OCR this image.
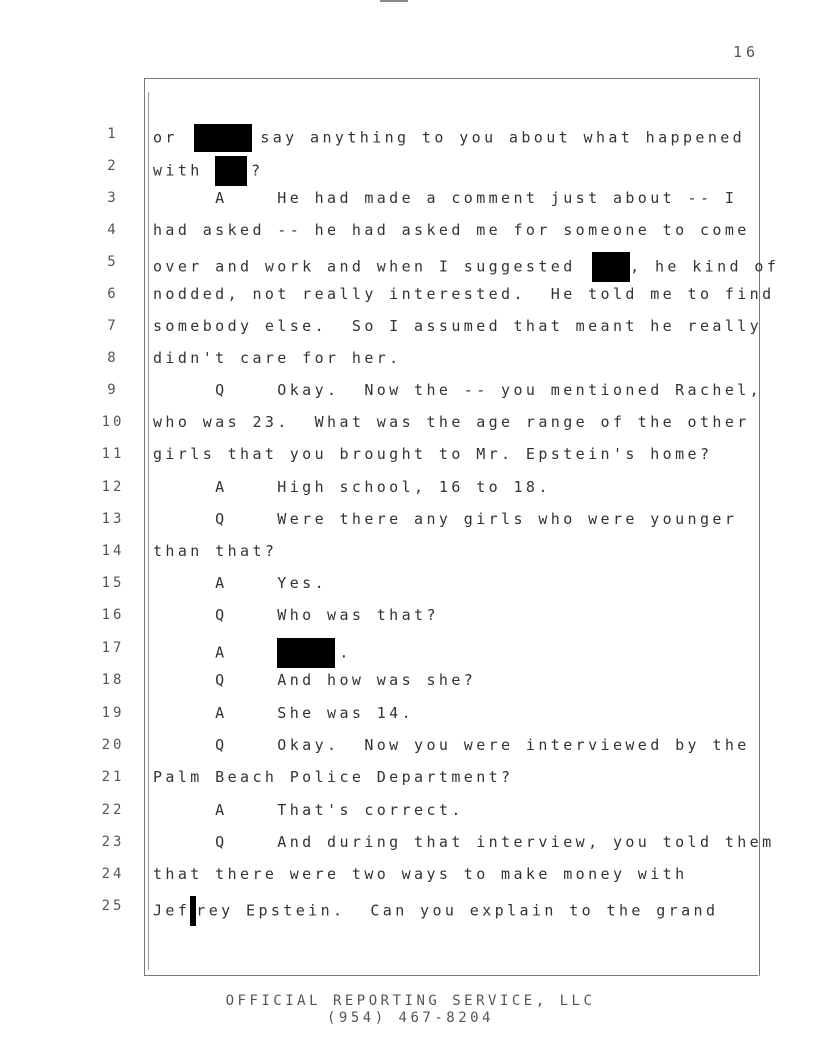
16
1
2
3
4
5
6
7
8
9
10
11
12
13
14
15
16
17
18
19
20
21
22
23
24
25
or	say anything to you about what happened
with	?
A    He had made a comment just about -- I
had asked -- he had asked me for someone to come
over and work and when I suggested	, he kind of
nodded, not really interested.  He told me to find
somebody else.  So I assumed that meant he really
didn't care for her.
Q    Okay.  Now the -- you mentioned Rachel,
who was 23.  What was the age range of the other
girls that you brought to Mr. Epstein's home?
A    High school, 16 to 18.
Q    Were there any girls who were younger
than that?
A    Yes.
Q    Who was that?
A	.
Q    And how was she?
A    She was 14.
Q    Okay.  Now you were interviewed by the
Palm Beach Police Department?
A    That's correct.
Q    And during that interview, you told them
that there were two ways to make money with
Jef rey Epstein.  Can you explain to the grand
OFFICIAL REPORTING SERVICE, LLC
(954) 467-8204
